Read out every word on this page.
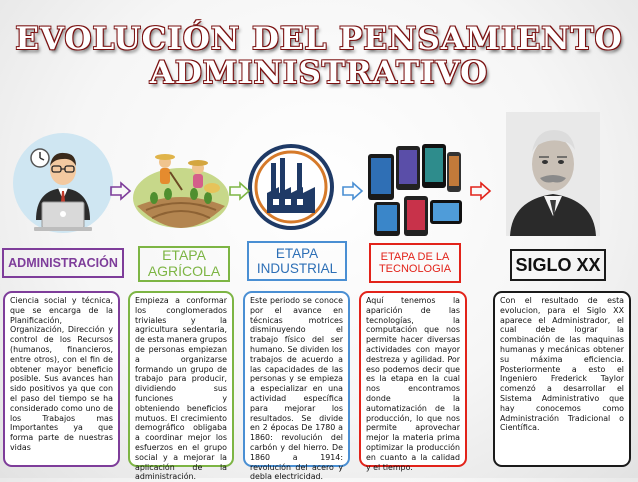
EVOLUCIÓN DEL PENSAMIENTO
ADMINISTRATIVO
ADMINISTRACIÓN	ETAPA AGRÍCOLA
ETAPA INDUSTRIAL
ETAPA DE LA TECNOLOGIA	SIGLO XX
Ciencia social y técnica, que se encarga de la Planificación, Organización, Dirección y control de los Recursos (humanos, financieros, entre otros), con el fin de obtener mayor beneficio posible. Sus avances han sido positivos ya que con el paso del tiempo se ha considerado como uno de los Trabajos mas Importantes ya que forma parte de nuestras vidas
Empieza a conformar los conglomerados triviales y la agricultura sedentaria, de esta manera grupos de personas empiezan a organizarse formando un grupo de trabajo para producir, dividiendo sus funciones y obteniendo beneficios mutuos. El crecimiento demográfico obligaba a coordinar mejor los esfuerzos en el grupo social y a mejorar la aplicación de la administración.
Este periodo se conoce por el avance en técnicas motrices disminuyendo el trabajo físico del ser humano. Se dividen los trabajos de acuerdo a las capacidades de las personas y se empieza a especializar en una actividad específica para mejorar los resultados. Se divide en 2 épocas De 1780 a 1860: revolución del carbón y del hierro. De 1860 a 1914: revolución del acero y debla electricidad.
Aquí tenemos la aparición de las tecnologías, la computación que nos permite hacer diversas actividades con mayor destreza y agilidad. Por eso podemos decir que es la etapa en la cual nos encontramos donde la automatización de la producción, lo que nos permite aprovechar mejor la materia prima optimizar la producción en cuanto a la calidad y el tiempo.
Con el resultado de esta evolucion, para el Siglo XX aparece el Administrador, el cual debe lograr la combinación de las maquinas humanas y mecánicas obtener su máxima eficiencia. Posteriormente a esto el Ingeniero Frederick Taylor comenzó a desarrollar el Sistema Administrativo que hay conocemos como Administración Tradicional o Científica.
